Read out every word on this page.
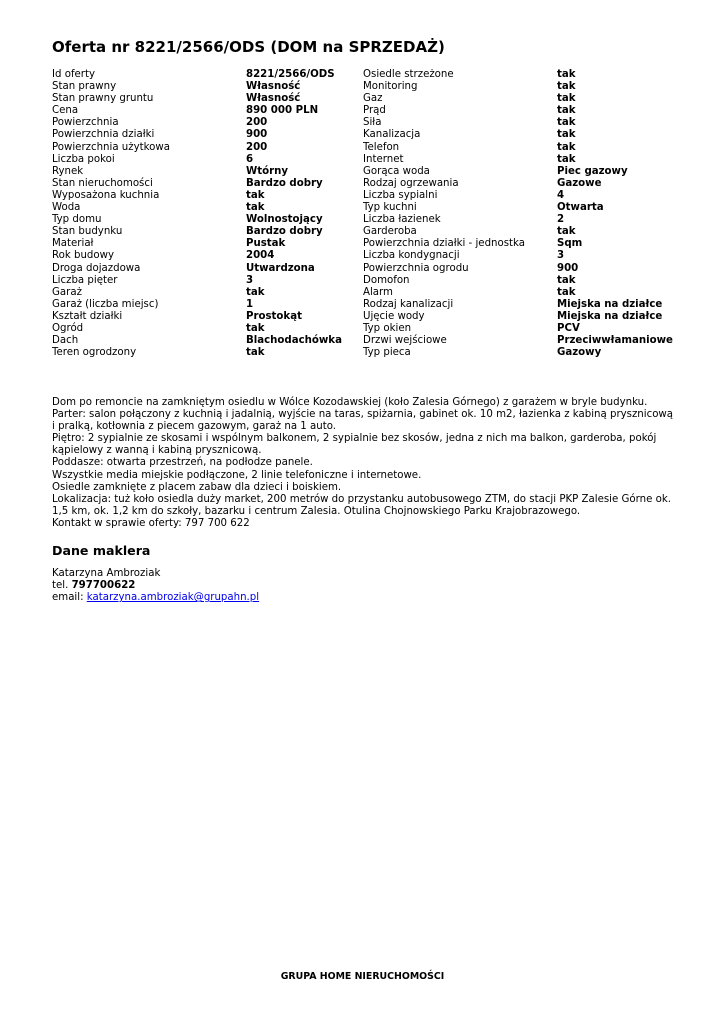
Oferta nr 8221/2566/ODS (DOM na SPRZEDAŻ)
Id oferty	8221/2566/ODS	Osiedle strzeżone	tak
Stan prawny	Własność	Monitoring	tak
Stan prawny gruntu	Własność	Gaz	tak
Cena	890 000 PLN	Prąd	tak
Powierzchnia	200	Siła	tak
Powierzchnia działki	900	Kanalizacja	tak
Powierzchnia użytkowa	200	Telefon	tak
Liczba pokoi	6	Internet	tak
Rynek	Wtórny	Gorąca woda	Piec gazowy
Stan nieruchomości	Bardzo dobry	Rodzaj ogrzewania	Gazowe
Wyposażona kuchnia	tak	Liczba sypialni	4
Woda	tak	Typ kuchni	Otwarta
Typ domu	Wolnostojący	Liczba łazienek	2
Stan budynku	Bardzo dobry	Garderoba	tak
Materiał	Pustak	Powierzchnia działki - jednostka	Sqm
Rok budowy	2004	Liczba kondygnacji	3
Droga dojazdowa	Utwardzona	Powierzchnia ogrodu	900
Liczba pięter	3	Domofon	tak
Garaż	tak	Alarm	tak
Garaż (liczba miejsc)	1	Rodzaj kanalizacji	Miejska na działce
Kształt działki	Prostokąt	Ujęcie wody	Miejska na działce
Ogród	tak	Typ okien	PCV
Dach	Blachodachówka	Drzwi wejściowe	Przeciwwłamaniowe
Teren ogrodzony	tak	Typ pieca	Gazowy

Dom po remoncie na zamkniętym osiedlu w Wólce Kozodawskiej (koło Zalesia Górnego) z garażem w bryle budynku.

Parter: salon połączony z kuchnią i jadalnią, wyjście na taras, spiżarnia, gabinet ok. 10 m2, łazienka z kabiną prysznicową i pralką, kotłownia z piecem gazowym, garaż na 1 auto.

Piętro: 2 sypialnie ze skosami i wspólnym balkonem, 2 sypialnie bez skosów, jedna z nich ma balkon, garderoba, pokój kąpielowy z wanną i kabiną prysznicową.

Poddasze: otwarta przestrzeń, na podłodze panele.

Wszystkie media miejskie podłączone, 2 linie telefoniczne i internetowe.

Osiedle zamknięte z placem zabaw dla dzieci i boiskiem.

Lokalizacja: tuż koło osiedla duży market, 200 metrów do przystanku autobusowego ZTM, do stacji PKP Zalesie Górne ok. 1,5 km, ok. 1,2 km do szkoły, bazarku i centrum Zalesia. Otulina Chojnowskiego Parku Krajobrazowego.

Kontakt w sprawie oferty: 797 700 622

Dane maklera
Katarzyna Ambroziak
tel. 797700622
email: katarzyna.ambroziak@grupahn.pl
GRUPA HOME NIERUCHOMOŚCI
